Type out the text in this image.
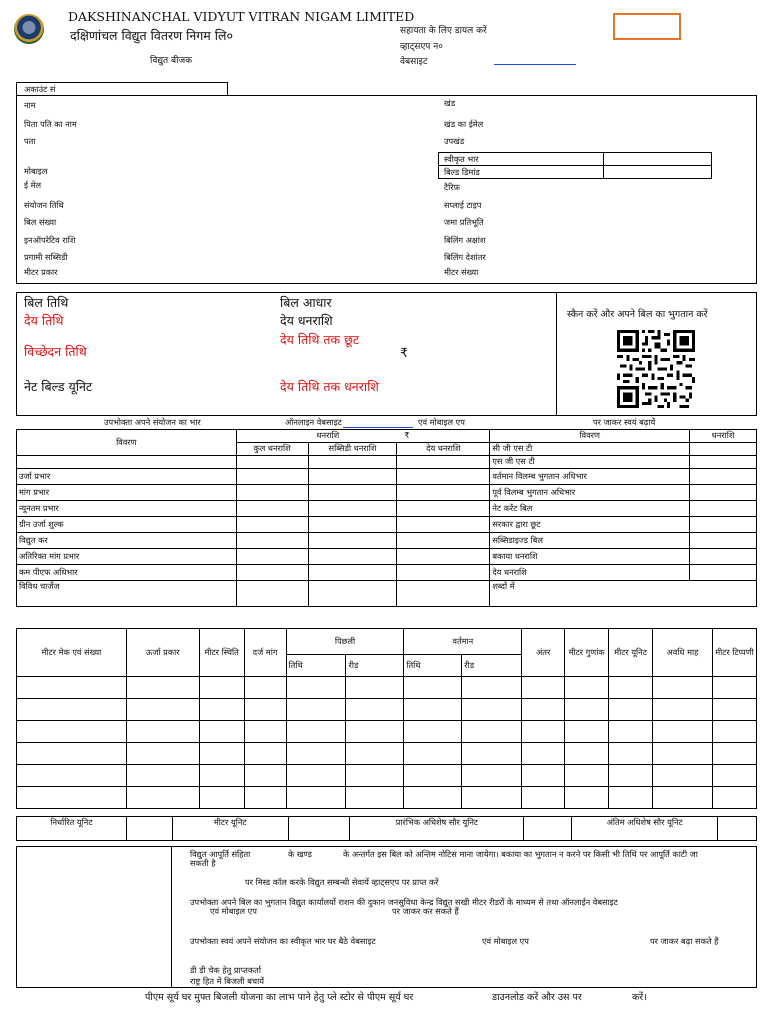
DAKSHINANCHAL VIDYUT VITRAN NIGAM LIMITED
दक्षिणांचल विद्युत वितरण निगम लि०
विद्युत बीजक
सहायता के लिए डायल करें
व्हाट्सएप न०
वेबसाइट
अकाउंट सं
नाम
पिता पति का नाम
पता
मोबाइल
ई मेल
संयोजन तिथि
बिल संख्या
इनऑपरेटिव राशि
प्रगामी सब्सिडी
मीटर प्रकार
खंड
खंड का ईमेल
उपखंड
स्वीकृत भार
बिल्ड डिमांड
टैरिफ़
सप्लाई टाइप
जमा प्रतिभूति
बिलिंग अक्षांश
बिलिंग देशांतर
मीटर संख्या
बिल तिथि	बिल आधार
देय तिथि	देय धनराशि
देय तिथि तक छूट
विच्छेदन तिथि	₹
नेट बिल्ड यूनिट	देय तिथि तक धनराशि
स्कैन करें और अपने बिल का भुगतान करें
उपभोक्ता अपने संयोजन का भार	ऑनलाइन वेबसाइट	एवं मोबाइल एप	पर जाकर स्वयं बढ़ायें
विवरण	धनराशि ₹			विवरण	धनराशि
	कुल धनराशि	सब्सिडी धनराशि	देय धनराशि	सी जी एस टी	
				एस जी एस टी	
उर्जा प्रभार				वर्तमान विलम्ब भुगतान अधिभार	
मांग प्रभार				पूर्व विलम्ब भुगतान अधिभार	
न्यूनतम प्रभार				नेट करेंट बिल	
ग्रीन उर्जा शुल्क				सरकार द्वारा छूट	
विद्युत कर				सब्सिडाइज्ड बिल	
अतिरिक्त मांग प्रभार				बकाया धनराशि	
कम पीएफ अधिभार				देय धनराशि	
विविध चार्जेज				शब्दों में	
मीटर मेक एवं संख्या	ऊर्जा प्रकार	मीटर स्थिति	दर्ज मांग	पिछली		वर्तमान		अंतर	मीटर गुणांक	मीटर यूनिट	अवधि माह	मीटर टिप्पणी
				तिथि	रीड	तिथि	रीड					

निर्धारित यूनिट		मीटर यूनिट		प्रारंभिक अधिशेष सौर यूनिट		अंतिम अधिशेष सौर यूनिट	
विद्युत आपूर्ति संहिता	के खण्ड	के अन्तर्गत इस बिल को अन्तिम नोटिस माना जायेगा। बकाया का भुगतान न करने पर किसी भी तिथि पर आपूर्ति काटी जा
सकती है
पर मिस्ड कॉल करके विद्युत सम्बन्धी सेवायें व्हाट्सएप पर प्राप्त करें
उपभोक्ता अपने बिल का भुगतान विद्युत कार्यालयों राशन की दुकान जनसुविधा केन्द्र विद्युत सखी मीटर रीडरों के माध्यम से तथा ऑनलाईन वेबसाइट
एवं मोबाइल एप	पर जाकर कर सकते हैं
उपभोक्ता स्वयं अपने संयोजन का स्वीकृत भार घर बैठे वेबसाइट	एवं मोबाइल एप	पर जाकर बढ़ा सकते हैं
डी डी चेक हेतु प्राप्तकर्ता
राष्ट्र हित में बिजली बचायें
पीएम सूर्य घर मुफ्त बिजली योजना का लाभ पाने हेतु प्ले स्टोर से पीएम सूर्य घर	डाउनलोड करें और उस पर	करें।
